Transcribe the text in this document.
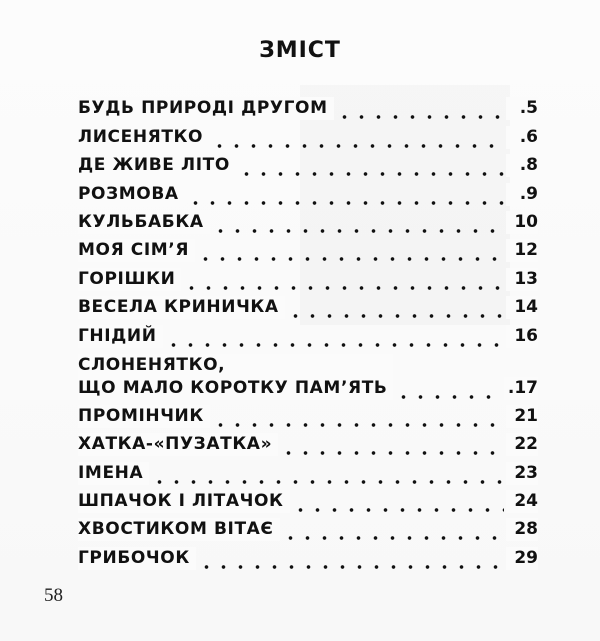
ЗМІСТ
БУДЬ ПРИРОДІ ДРУГОМ	.5
ЛИСЕНЯТКО	.6
ДЕ ЖИВЕ ЛІТО	.8
РОЗМОВА	.9
КУЛЬБАБКА	10
МОЯ СІМ’Я	12
ГОРІШКИ	13
ВЕСЕЛА КРИНИЧКА	14
ГНІДИЙ	16
СЛОНЕНЯТКО,
ЩО МАЛО КОРОТКУ ПАМ’ЯТЬ	.17
ПРОМІНЧИК	21
ХАТКА-«ПУЗАТКА»	22
ІМЕНА	23
ШПАЧОК І ЛІТАЧОК	24
ХВОСТИКОМ ВІТАЄ	28
ГРИБОЧОК	29
58
